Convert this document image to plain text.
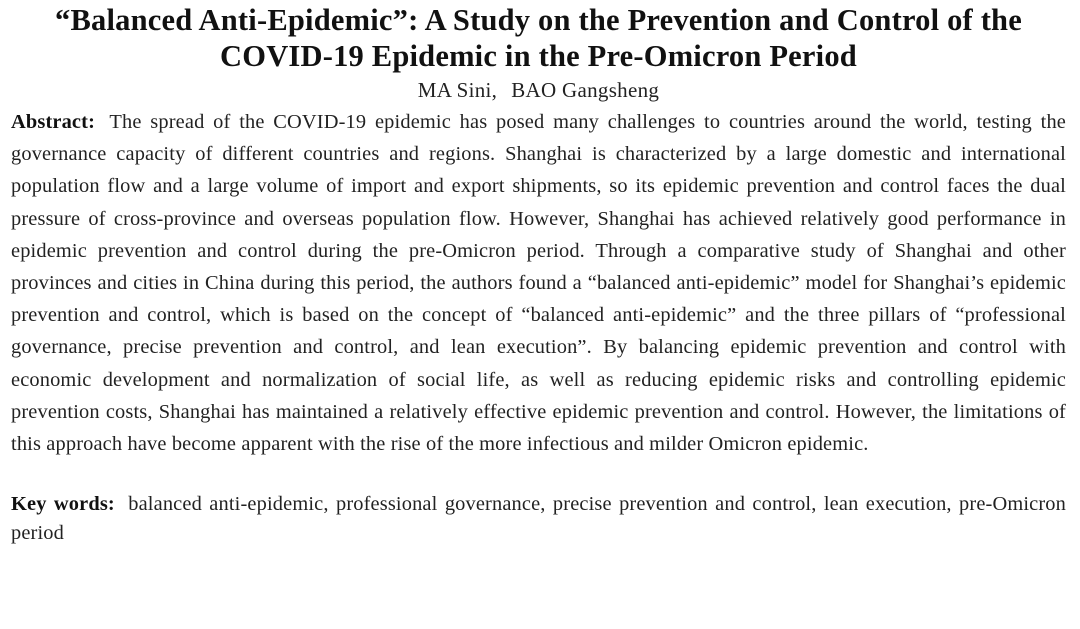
“Balanced Anti-Epidemic”: A Study on the Prevention and Control of the COVID-19 Epidemic in the Pre-Omicron Period

MA Sini, BAO Gangsheng

Abstract: The spread of the COVID-19 epidemic has posed many challenges to countries around the world, testing the governance capacity of different countries and regions. Shanghai is characterized by a large domestic and international population flow and a large volume of import and export shipments, so its epidemic prevention and control faces the dual pressure of cross-province and overseas population flow. However, Shanghai has achieved relatively good performance in epidemic prevention and control during the pre-Omicron period. Through a comparative study of Shanghai and other provinces and cities in China during this period, the authors found a “balanced anti-epidemic” model for Shanghai’s epidemic prevention and control, which is based on the concept of “balanced anti-epidemic” and the three pillars of “professional governance, precise prevention and control, and lean execution”. By balancing epidemic prevention and control with economic development and normalization of social life, as well as reducing epidemic risks and controlling epidemic prevention costs, Shanghai has maintained a relatively effective epidemic prevention and control. However, the limitations of this approach have become apparent with the rise of the more infectious and milder Omicron epidemic.

Key words: balanced anti-epidemic, professional governance, precise prevention and control, lean execution, pre-Omicron period
